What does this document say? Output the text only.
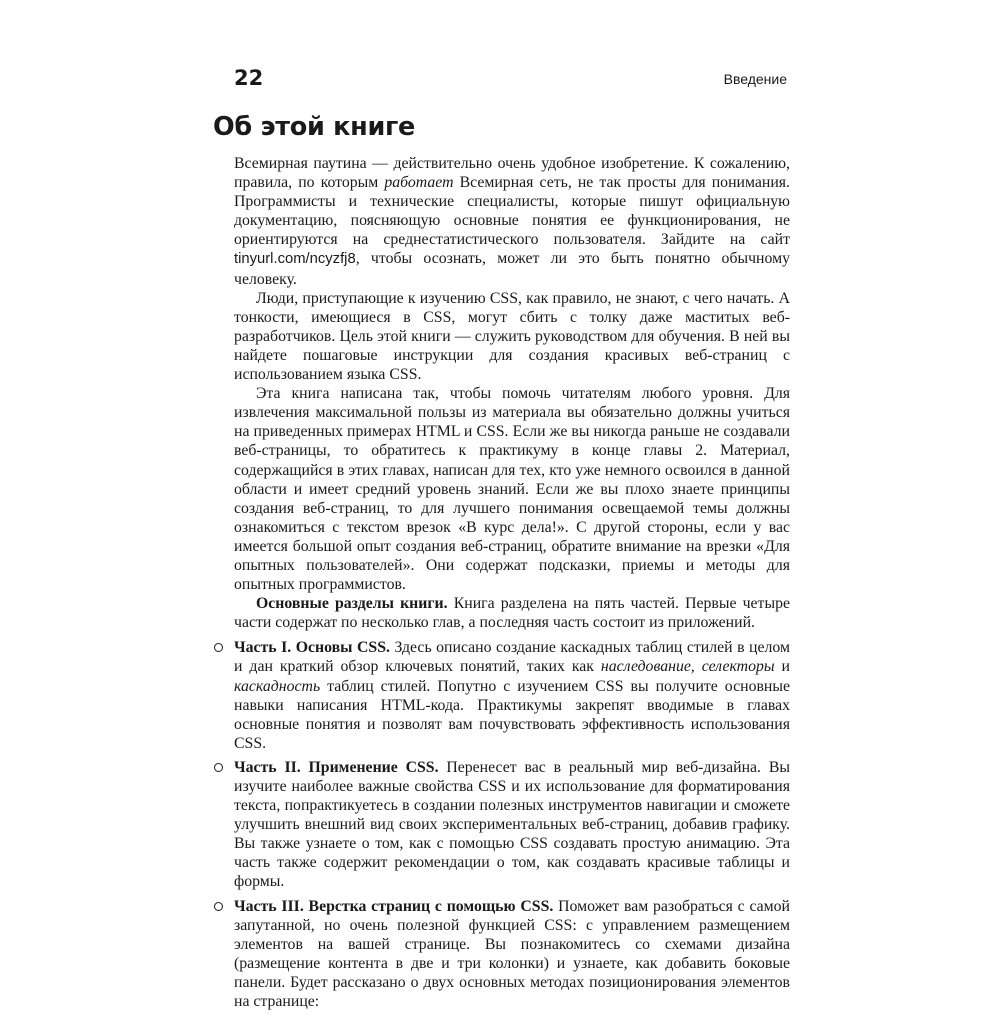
22	Введение
Об этой книге

Всемирная паутина — действительно очень удобное изобретение. К сожалению, правила, по которым работает Всемирная сеть, не так просты для понимания. Программисты и технические специалисты, которые пишут официальную документацию, поясняющую основные понятия ее функционирования, не ориентируются на среднестатистического пользователя. Зайдите на сайт tinyurl.com/ncyzfj8, чтобы осознать, может ли это быть понятно обычному человеку.

Люди, приступающие к изучению CSS, как правило, не знают, с чего начать. А тонкости, имеющиеся в CSS, могут сбить с толку даже маститых веб-разработчиков. Цель этой книги — служить руководством для обучения. В ней вы найдете пошаговые инструкции для создания красивых веб-страниц с использованием языка CSS.

Эта книга написана так, чтобы помочь читателям любого уровня. Для извлечения максимальной пользы из материала вы обязательно должны учиться на приведенных примерах HTML и CSS. Если же вы никогда раньше не создавали веб-страницы, то обратитесь к практикуму в конце главы 2. Материал, содержащийся в этих главах, написан для тех, кто уже немного освоился в данной области и имеет средний уровень знаний. Если же вы плохо знаете принципы создания веб-страниц, то для лучшего понимания освещаемой темы должны ознакомиться с текстом врезок «В курс дела!». С другой стороны, если у вас имеется большой опыт создания веб-страниц, обратите внимание на врезки «Для опытных пользователей». Они содержат подсказки, приемы и методы для опытных программистов.

Основные разделы книги. Книга разделена на пять частей. Первые четыре части содержат по несколько глав, а последняя часть состоит из приложений.

Часть I. Основы CSS. Здесь описано создание каскадных таблиц стилей в целом и дан краткий обзор ключевых понятий, таких как наследование, селекторы и каскадность таблиц стилей. Попутно с изучением CSS вы получите основные навыки написания HTML-кода. Практикумы закрепят вводимые в главах основные понятия и позволят вам почувствовать эффективность использования CSS.
Часть II. Применение CSS. Перенесет вас в реальный мир веб-дизайна. Вы изучите наиболее важные свойства CSS и их использование для форматирования текста, попрактикуетесь в создании полезных инструментов навигации и сможете улучшить внешний вид своих экспериментальных веб-страниц, добавив графику. Вы также узнаете о том, как с помощью CSS создавать простую анимацию. Эта часть также содержит рекомендации о том, как создавать красивые таблицы и формы.
Часть III. Верстка страниц с помощью CSS. Поможет вам разобраться с самой запутанной, но очень полезной функцией CSS: с управлением размещением элементов на вашей странице. Вы познакомитесь со схемами дизайна (размещение контента в две и три колонки) и узнаете, как добавить боковые панели. Будет рассказано о двух основных методах позиционирования элементов на странице:
